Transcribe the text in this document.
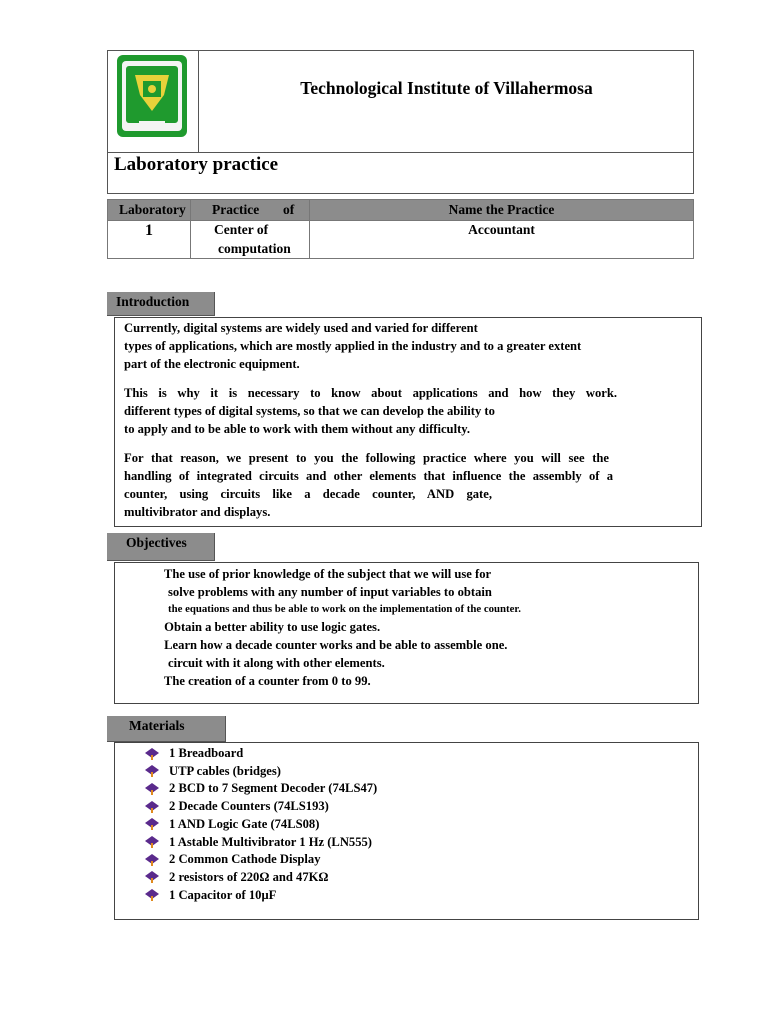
Technological Institute of Villahermosa
Laboratory practice
Laboratory Practice of	Name the Practice
1	Center of
computation
Accountant
Introduction
Currently, digital systems are widely used and varied for different
types of applications, which are mostly applied in the industry and to a greater extent
part of the electronic equipment.
This is why it is necessary to know about applications and how they work.
different types of digital systems, so that we can develop the ability to
to apply and to be able to work with them without any difficulty.
For that reason, we present to you the following practice where you will see the
handling of integrated circuits and other elements that influence the assembly of a
counter, using circuits like a decade counter, AND gate,
multivibrator and displays.
Objectives
The use of prior knowledge of the subject that we will use for
solve problems with any number of input variables to obtain
the equations and thus be able to work on the implementation of the counter.
Obtain a better ability to use logic gates.
Learn how a decade counter works and be able to assemble one.
circuit with it along with other elements.
The creation of a counter from 0 to 99.
Materials
1 Breadboard
UTP cables (bridges)
2 BCD to 7 Segment Decoder (74LS47)
2 Decade Counters (74LS193)
1 AND Logic Gate (74LS08)
1 Astable Multivibrator 1 Hz (LN555)
2 Common Cathode Display
2 resistors of 220Ω and 47KΩ
1 Capacitor of 10μF
